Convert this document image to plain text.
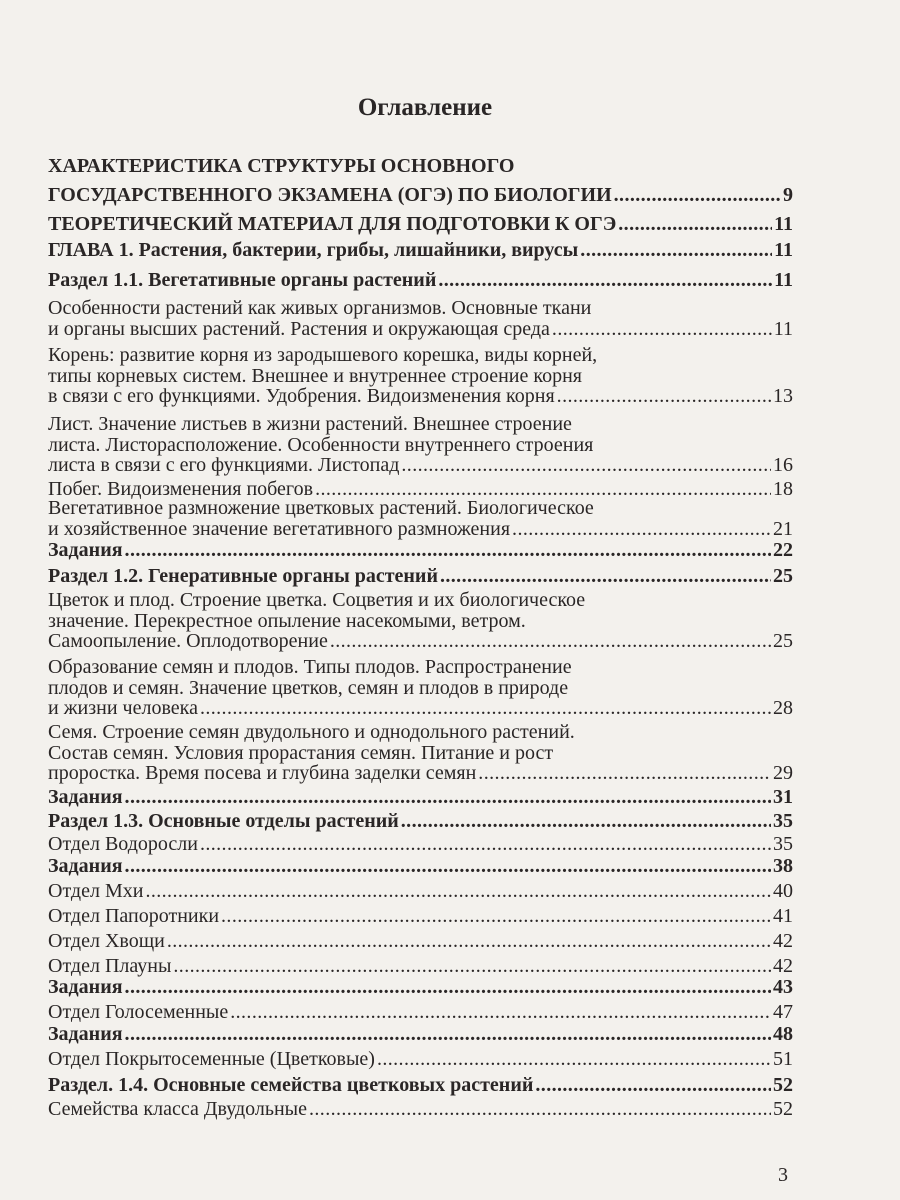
Оглавление
ХАРАКТЕРИСТИКА СТРУКТУРЫ ОСНОВНОГО
ГОСУДАРСТВЕННОГО ЭКЗАМЕНА (ОГЭ) ПО БИОЛОГИИ . . .	9
ТЕОРЕТИЧЕСКИЙ МАТЕРИАЛ ДЛЯ ПОДГОТОВКИ К ОГЭ . . .	11
ГЛАВА 1. Растения, бактерии, грибы, лишайники, вирусы . . .	11
Раздел 1.1. Вегетативные органы растений . . .	11
Особенности растений как живых организмов. Основные ткани
и органы высших растений. Растения и окружающая среда . . .	11
Корень: развитие корня из зародышевого корешка, виды корней,
типы корневых систем. Внешнее и внутреннее строение корня
в связи с его функциями. Удобрения. Видоизменения корня . . .	13
Лист. Значение листьев в жизни растений. Внешнее строение
листа. Листорасположение. Особенности внутреннего строения
листа в связи с его функциями. Листопад . . .	16
Побег. Видоизменения побегов . . .	18
Вегетативное размножение цветковых растений. Биологическое
и хозяйственное значение вегетативного размножения . . .	21
Задания . . .	22
Раздел 1.2. Генеративные органы растений . . .	25
Цветок и плод. Строение цветка. Соцветия и их биологическое
значение. Перекрестное опыление насекомыми, ветром.
Самоопыление. Оплодотворение . . .	25
Образование семян и плодов. Типы плодов. Распространение
плодов и семян. Значение цветков, семян и плодов в природе
и жизни человека . . .	28
Семя. Строение семян двудольного и однодольного растений.
Состав семян. Условия прорастания семян. Питание и рост
проростка. Время посева и глубина заделки семян . . .	29
Задания . . .	31
Раздел 1.3. Основные отделы растений . . .	35
Отдел Водоросли . . .	35
Задания . . .	38
Отдел Мхи . . .	40
Отдел Папоротники . . .	41
Отдел Хвощи . . .	42
Отдел Плауны . . .	42
Задания . . .	43
Отдел Голосеменные . . .	47
Задания . . .	48
Отдел Покрытосеменные (Цветковые) . . .	51
Раздел. 1.4. Основные семейства цветковых растений . . .	52
Семейства класса Двудольные . . .	52
3
